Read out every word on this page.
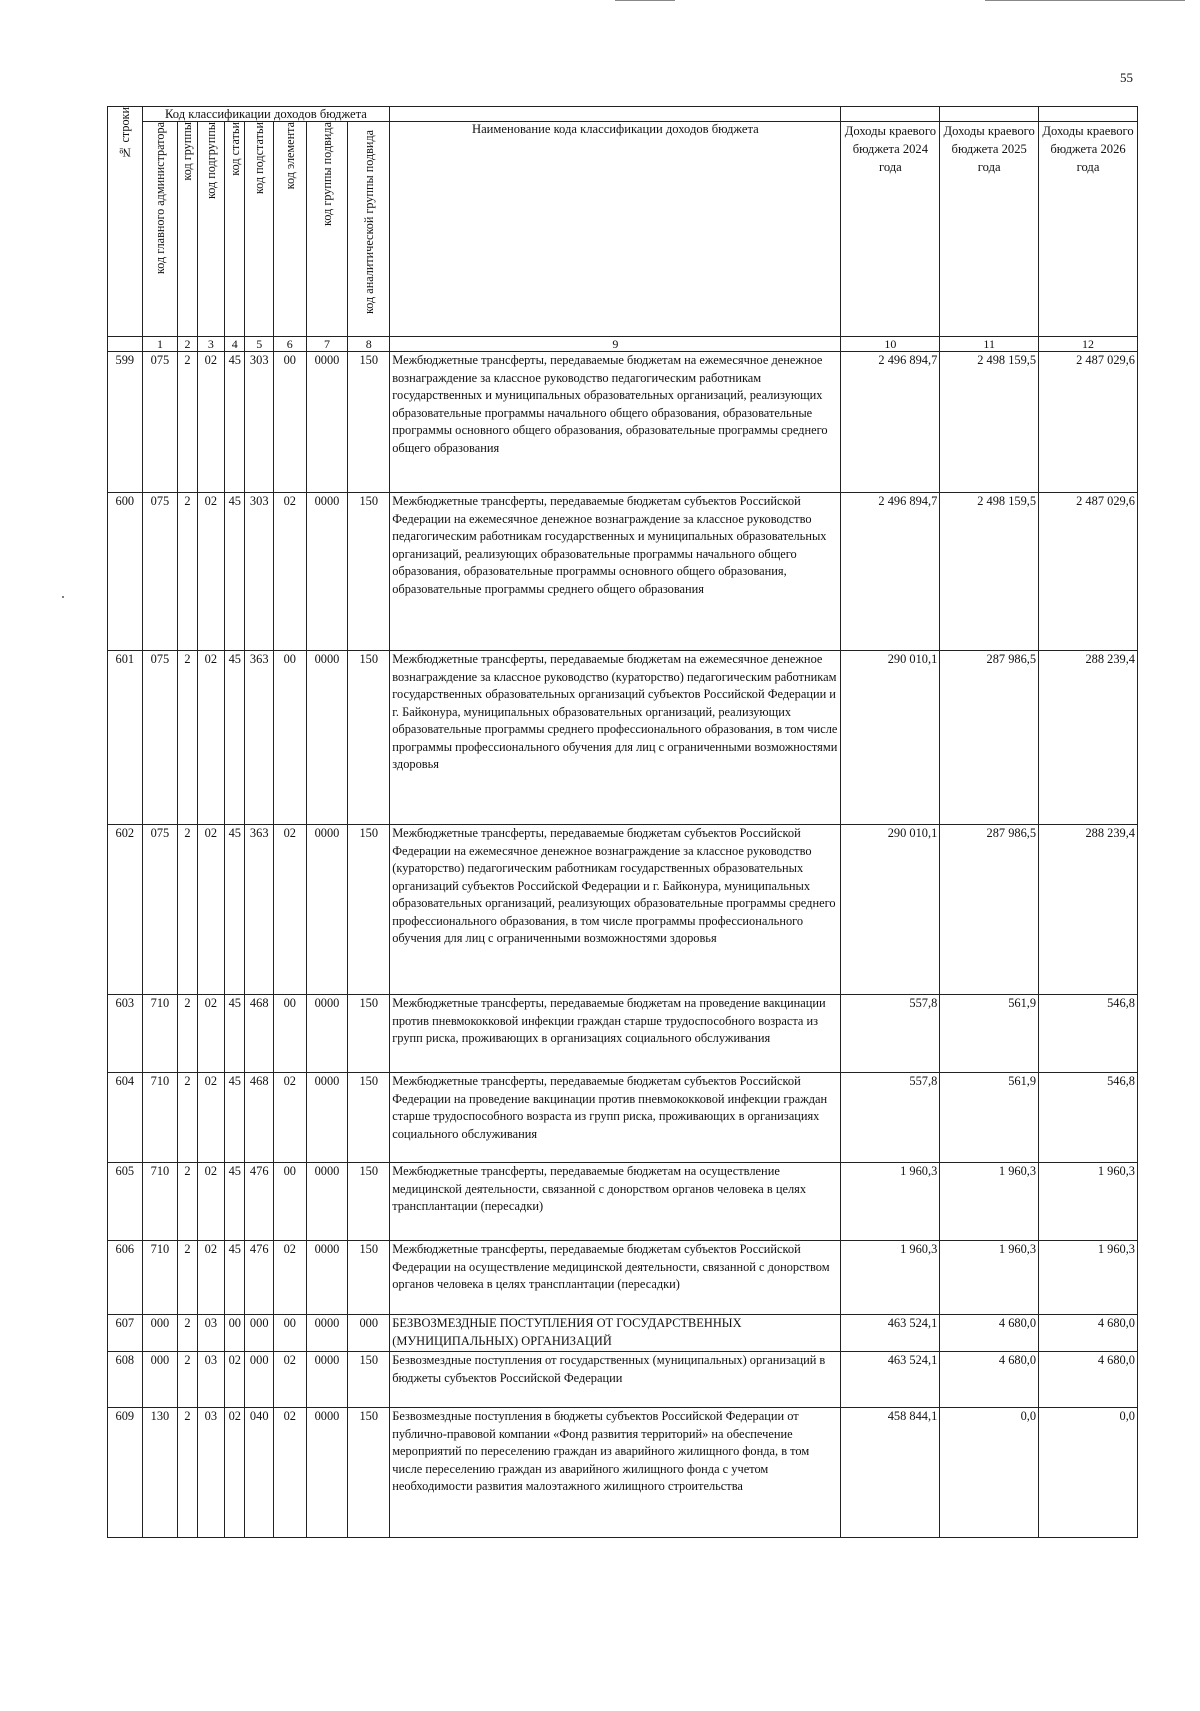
55
№ строки	Код классификации доходов бюджета											

	код главного администратора	код группы	код подгруппы	код статьи	код подстатьи	код элемента	код группы подвида	код аналитической группы подвида	Наименование кода классификации доходов бюджета	Доходы краевого бюджета 2024 года	Доходы краевого бюджета 2025 года	Доходы краевого бюджета 2026 года
	1	2	3	4	5	6	7	8	9	10	11	12
599	075	2	02	45	303	00	0000	150	Межбюджетные трансферты, передаваемые бюджетам на ежемесячное денежное вознаграждение за классное руководство педагогическим работникам государственных и муниципальных образовательных организаций, реализующих образовательные программы начального общего образования, образовательные программы основного общего образования, образовательные программы среднего общего образования	2 496 894,7	2 498 159,5	2 487 029,6
600	075	2	02	45	303	02	0000	150	Межбюджетные трансферты, передаваемые бюджетам субъектов Российской Федерации на ежемесячное денежное вознаграждение за классное руководство педагогическим работникам государственных и муниципальных образовательных организаций, реализующих образовательные программы начального общего образования, образовательные программы основного общего образования, образовательные программы среднего общего образования	2 496 894,7	2 498 159,5	2 487 029,6
601	075	2	02	45	363	00	0000	150	Межбюджетные трансферты, передаваемые бюджетам на ежемесячное денежное вознаграждение за классное руководство (кураторство) педагогическим работникам государственных образовательных организаций субъектов Российской Федерации и г. Байконура, муниципальных образовательных организаций, реализующих образовательные программы среднего профессионального образования, в том числе программы профессионального обучения для лиц с ограниченными возможностями здоровья	290 010,1	287 986,5	288 239,4
602	075	2	02	45	363	02	0000	150	Межбюджетные трансферты, передаваемые бюджетам субъектов Российской Федерации на ежемесячное денежное вознаграждение за классное руководство (кураторство) педагогическим работникам государственных образовательных организаций субъектов Российской Федерации и г. Байконура, муниципальных образовательных организаций, реализующих образовательные программы среднего профессионального образования, в том числе программы профессионального обучения для лиц с ограниченными возможностями здоровья	290 010,1	287 986,5	288 239,4
603	710	2	02	45	468	00	0000	150	Межбюджетные трансферты, передаваемые бюджетам на проведение вакцинации против пневмококковой инфекции граждан старше трудоспособного возраста из групп риска, проживающих в организациях социального обслуживания	557,8	561,9	546,8
604	710	2	02	45	468	02	0000	150	Межбюджетные трансферты, передаваемые бюджетам субъектов Российской Федерации на проведение вакцинации против пневмококковой инфекции граждан старше трудоспособного возраста из групп риска, проживающих в организациях социального обслуживания	557,8	561,9	546,8
605	710	2	02	45	476	00	0000	150	Межбюджетные трансферты, передаваемые бюджетам на осуществление медицинской деятельности, связанной с донорством органов человека в целях трансплантации (пересадки)	1 960,3	1 960,3	1 960,3
606	710	2	02	45	476	02	0000	150	Межбюджетные трансферты, передаваемые бюджетам субъектов Российской Федерации на осуществление медицинской деятельности, связанной с донорством органов человека в целях трансплантации (пересадки)	1 960,3	1 960,3	1 960,3
607	000	2	03	00	000	00	0000	000	БЕЗВОЗМЕЗДНЫЕ ПОСТУПЛЕНИЯ ОТ ГОСУДАРСТВЕННЫХ (МУНИЦИПАЛЬНЫХ) ОРГАНИЗАЦИЙ	463 524,1	4 680,0	4 680,0
608	000	2	03	02	000	02	0000	150	Безвозмездные поступления от государственных (муниципальных) организаций в бюджеты субъектов Российской Федерации	463 524,1	4 680,0	4 680,0
609	130	2	03	02	040	02	0000	150	Безвозмездные поступления в бюджеты субъектов Российской Федерации от публично-правовой компании «Фонд развития территорий» на обеспечение мероприятий по переселению граждан из аварийного жилищного фонда, в том числе переселению граждан из аварийного жилищного фонда с учетом необходимости развития малоэтажного жилищного строительства	458 844,1	0,0	0,0
